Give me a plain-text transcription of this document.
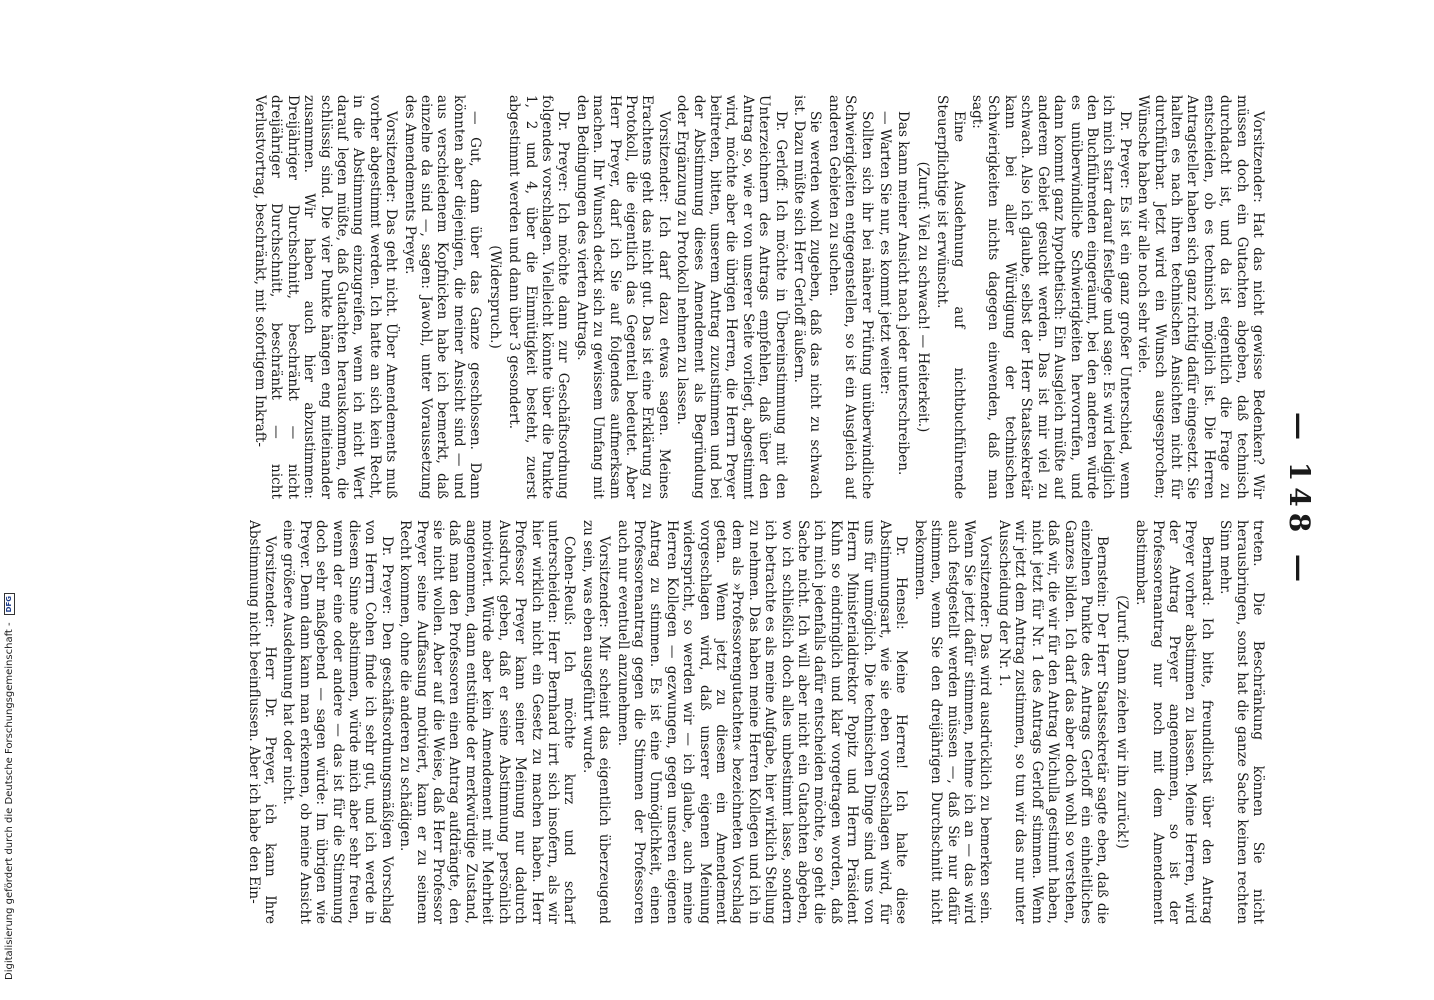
— 148 —

Vorsitzender: Hat das nicht gewisse Bedenken? Wir müssen doch ein Gutachten abgeben, daß technisch durchdacht ist, und da ist eigentlich die Frage zu entscheiden, ob es technisch möglich ist. Die Herren Antragsteller haben sich ganz richtig dafür eingesetzt. Sie halten es nach ihren technischen Ansichten nicht für durchführbar. Jetzt wird ein Wunsch ausgesprochen; Wünsche haben wir alle noch sehr viele.

Dr. Preyer: Es ist ein ganz großer Unterschied, wenn ich mich starr darauf festlege und sage: Es wird lediglich den Buchführenden eingeräumt, bei den anderen würde es unüberwindliche Schwierigkeiten hervorrufen, und dann kommt ganz hypothetisch: Ein Ausgleich müßte auf anderem Gebiet gesucht werden. Das ist mir viel zu schwach. Also ich glaube, selbst der Herr Staatssekretär kann bei aller Würdigung der technischen Schwierigkeiten nichts dagegen einwenden, daß man sagt:

Eine Ausdehnung auf nichtbuchführende Steuerpflichtige ist erwünscht.

(Zuruf: Viel zu schwach! — Heiterkeit.)

Das kann meiner Ansicht nach jeder unterschreiben.

— Warten Sie nur, es kommt jetzt weiter:

Sollten sich ihr bei näherer Prüfung unüberwindliche Schwierigkeiten entgegenstellen, so ist ein Ausgleich auf anderen Gebieten zu suchen.

Sie werden wohl zugeben, daß das nicht zu schwach ist. Dazu müßte sich Herr Gerloff äußern.

Dr. Gerloff: Ich möchte in Übereinstimmung mit den Unterzeichnern des Antrags empfehlen, daß über den Antrag so, wie er von unserer Seite vorliegt, abgestimmt wird, möchte aber die übrigen Herren, die Herrn Preyer beitreten, bitten, unserem Antrag zuzustimmen und bei der Abstimmung dieses Amendement als Begründung oder Ergänzung zu Protokoll nehmen zu lassen.

Vorsitzender: Ich darf dazu etwas sagen. Meines Erachtens geht das nicht gut. Das ist eine Erklärung zu Protokoll, die eigentlich das Gegenteil bedeutet. Aber Herr Preyer, darf ich Sie auf folgendes aufmerksam machen. Ihr Wunsch deckt sich zu gewissem Umfang mit den Bedingungen des vierten Antrags.

Dr. Preyer: Ich möchte dann zur Geschäftsordnung folgendes vorschlagen. Vielleicht könnte über die Punkte 1, 2 und 4, über die Einmütigkeit besteht, zuerst abgestimmt werden und dann über 3 gesondert.

(Widerspruch.)

— Gut, dann über das Ganze geschlossen. Dann könnten aber diejenigen, die meiner Ansicht sind — und aus verschiedenem Kopfnicken habe ich bemerkt, daß einzelne da sind —, sagen: Jawohl, unter Voraussetzung des Amendements Preyer.

Vorsitzender: Das geht nicht. Über Amendements muß vorher abgestimmt werden. Ich hatte an sich kein Recht, in die Abstimmung einzugreifen, wenn ich nicht Wert darauf legen müßte, daß Gutachten herauskommen, die schlüssig sind. Die vier Punkte hängen eng miteinander zusammen. Wir haben auch hier abzustimmen: Dreijähriger Durchschnitt, beschränkt — nicht dreijähriger Durchschnitt, beschränkt — nicht Verlustvortrag, beschränkt, mit sofortigem Inkraft-

treten. Die Beschränkung können Sie nicht herausbringen, sonst hat die ganze Sache keinen rechten Sinn mehr.

Bernhard: Ich bitte, freundlichst über den Antrag Preyer vorher abstimmen zu lassen. Meine Herren, wird der Antrag Preyer angenommen, so ist der Professorenantrag nur noch mit dem Amendement abstimmbar.

(Zuruf: Dann ziehen wir ihn zurück!)

Bernstein: Der Herr Staatssekretär sagte eben, daß die einzelnen Punkte des Antrags Gerloff ein einheitliches Ganzes bilden. Ich darf das aber doch wohl so verstehen, daß wir, die wir für den Antrag Wichulla gestimmt haben, nicht jetzt für Nr. 1 des Antrags Gerloff stimmen. Wenn wir jetzt dem Antrag zustimmen, so tun wir das nur unter Ausscheidung der Nr. 1.

Vorsitzender: Das wird ausdrücklich zu bemerken sein. Wenn Sie jetzt dafür stimmen, nehme ich an — das wird auch festgestellt werden müssen —, daß Sie nur dafür stimmen, wenn Sie den dreijährigen Durchschnitt nicht bekommen.

Dr. Hensel: Meine Herren! Ich halte diese Abstimmungsart, wie sie eben vorgeschlagen wird, für uns für unmöglich. Die technischen Dinge sind uns von Herrn Ministerialdirektor Popitz und Herrn Präsident Kuhn so eindringlich und klar vorgetragen worden, daß ich mich jedenfalls dafür entscheiden möchte, so geht die Sache nicht. Ich will aber nicht ein Gutachten abgeben, wo ich schließlich doch alles unbestimmt lasse, sondern ich betrachte es als meine Aufgabe, hier wirklich Stellung zu nehmen. Das haben meine Herren Kollegen und ich in dem als »Professorengutachten« bezeichneten Vorschlag getan. Wenn jetzt zu diesem ein Amendement vorgeschlagen wird, daß unserer eigenen Meinung widerspricht, so werden wir — ich glaube, auch meine Herren Kollegen — gezwungen, gegen unseren eigenen Antrag zu stimmen. Es ist eine Unmöglichkeit, einen Professorenantrag gegen die Stimmen der Professoren auch nur eventuell anzunehmen.

Vorsitzender: Mir scheint das eigentlich überzeugend zu sein, was eben ausgeführt wurde.

Cohen-Reuß: Ich möchte kurz und scharf unterscheiden: Herr Bernhard irrt sich insofern, als wir hier wirklich nicht ein Gesetz zu machen haben. Herr Professor Preyer kann seiner Meinung nur dadurch Ausdruck geben, daß er seine Abstimmung persönlich motiviert. Würde aber kein Amendement mit Mehrheit angenommen, dann entstünde der merkwürdige Zustand, daß man den Professoren einen Antrag aufdrängte, den sie nicht wollen. Aber auf die Weise, daß Herr Professor Preyer seine Auffassung motiviert, kann er zu seinem Recht kommen, ohne die anderen zu schädigen.

Dr. Preyer: Den geschäftsordnungsmäßigen Vorschlag von Herrn Cohen finde ich sehr gut, und ich werde in diesem Sinne abstimmen, würde mich aber sehr freuen, wenn der eine oder andere — das ist für die Stimmung doch sehr maßgebend — sagen würde: Im übrigen wie Preyer. Denn dann kann man erkennen, ob meine Ansicht eine größere Ausdehnung hat oder nicht.

Vorsitzender: Herr Dr. Preyer, ich kann Ihre Abstimmung nicht beeinflussen. Aber ich habe den Ein-

Digitalisierung gefördert durch die Deutsche Forschungsgemeinschaft - DFG
